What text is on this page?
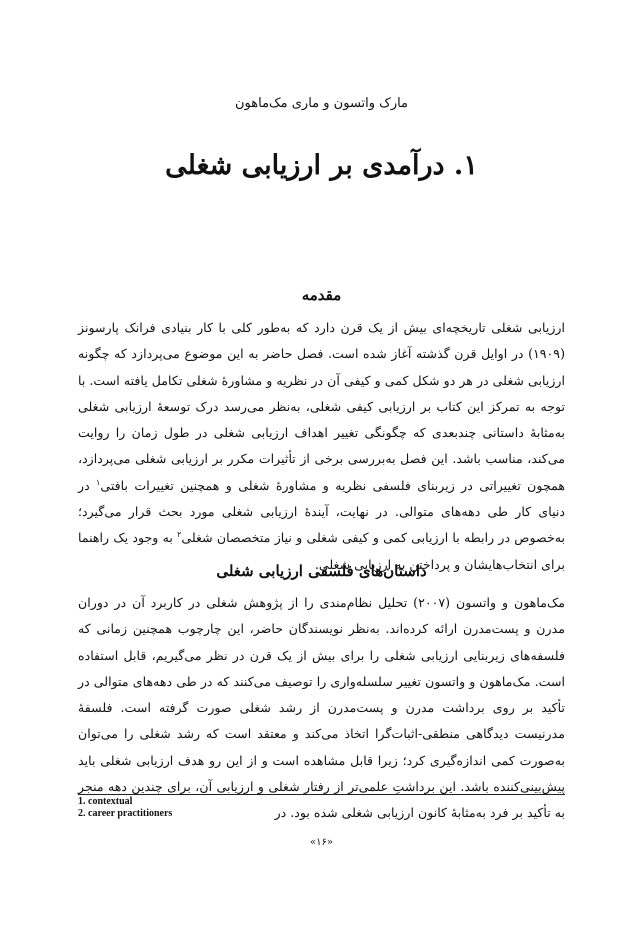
مارک واتسون و ماری مک‌ماهون
۱. درآمدی بر ارزیابی شغلی
مقدمه

ارزیابی شغلی تاریخچه‌ای بیش از یک قرن دارد که به‌طور کلی با کار بنیادی فرانک پارسونز (۱۹۰۹) در اوایل قرن گذشته آغاز شده است. فصل حاضر به این موضوع می‌پردازد که چگونه ارزیابی شغلی در هر دو شکل کمی و کیفی آن در نظریه و مشاورهٔ شغلی تکامل یافته است. با توجه به تمرکز این کتاب بر ارزیابی کیفی شغلی، به‌نظر می‌رسد درک توسعهٔ ارزیابی شغلی به‌مثابهٔ داستانی چندبعدی که چگونگی تغییر اهداف ارزیابی شغلی در طول زمان را روایت می‌کند، مناسب باشد. این فصل به‌بررسی برخی از تأثیرات مکرر بر ارزیابی شغلی می‌پردازد، همچون تغییراتی در زیربنای فلسفی نظریه و مشاورهٔ شغلی و همچنین تغییرات بافتی$^۱$ در دنیای کار طی دهه‌های متوالی. در نهایت، آیندهٔ ارزیابی شغلی مورد بحث قرار می‌گیرد؛ به‌خصوص در رابطه با ارزیابی کمی و کیفی شغلی و نیاز متخصصان شغلی$^۲$ به وجود یک راهنما برای انتخاب‌هایشان و پرداختن به ارزیابی شغلی.

داستان‌های فلسفی ارزیابی شغلی

مک‌ماهون و واتسون (۲۰۰۷) تحلیل نظام‌مندی را از پژوهش شغلی در کاربرد آن در دوران مدرن و پست‌مدرن ارائه کرده‌اند. به‌نظر نویسندگان حاضر، این چارچوب همچنین زمانی که فلسفه‌های زیربنایی ارزیابی شغلی را برای بیش از یک قرن در نظر می‌گیریم، قابل استفاده است. مک‌ماهون و واتسون تغییر سلسله‌واری را توصیف می‌کنند که در طی دهه‌های متوالی در تأکید بر روی برداشت مدرن و پست‌مدرن از رشد شغلی صورت گرفته است. فلسفهٔ مدرنیست دیدگاهی منطقی-اثبات‌گرا اتخاذ می‌کند و معتقد است که رشد شغلی را می‌توان به‌صورت کمی اندازه‌گیری کرد؛ زیرا قابل مشاهده است و از این رو هدف ارزیابی شغلی باید پیش‌بینی‌کننده باشد. این برداشتِ علمی‌تر از رفتار شغلی و ارزیابی آن، برای چندین دهه منجر به تأکید بر فرد به‌مثابهٔ کانون ارزیابی شغلی شده بود. در

1. contextual
2. career practitioners
«۱۶»
